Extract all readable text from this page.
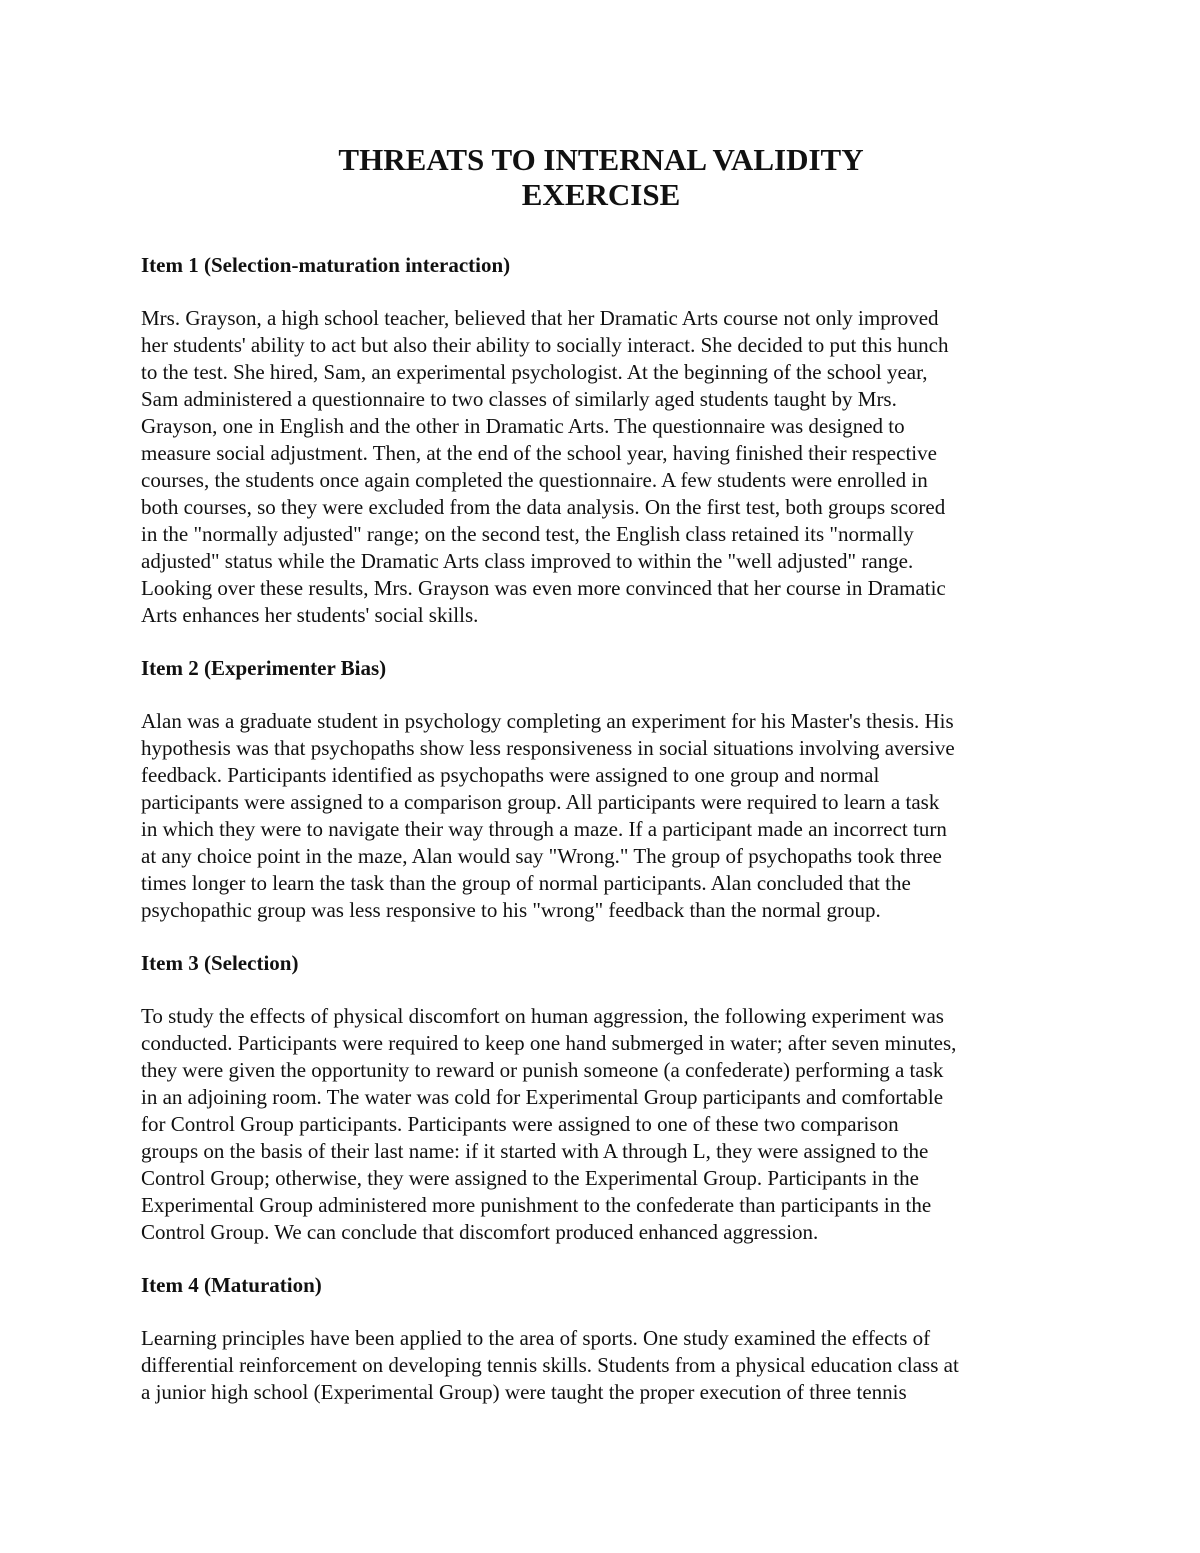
THREATS TO INTERNAL VALIDITY
EXERCISE
Item 1 (Selection-maturation interaction)
Mrs. Grayson, a high school teacher, believed that her Dramatic Arts course not only improved
her students' ability to act but also their ability to socially interact. She decided to put this hunch
to the test. She hired, Sam, an experimental psychologist. At the beginning of the school year,
Sam administered a questionnaire to two classes of similarly aged students taught by Mrs.
Grayson, one in English and the other in Dramatic Arts. The questionnaire was designed to
measure social adjustment. Then, at the end of the school year, having finished their respective
courses, the students once again completed the questionnaire. A few students were enrolled in
both courses, so they were excluded from the data analysis. On the first test, both groups scored
in the "normally adjusted" range; on the second test, the English class retained its "normally
adjusted" status while the Dramatic Arts class improved to within the "well adjusted" range.
Looking over these results, Mrs. Grayson was even more convinced that her course in Dramatic
Arts enhances her students' social skills.
Item 2 (Experimenter Bias)
Alan was a graduate student in psychology completing an experiment for his Master's thesis. His
hypothesis was that psychopaths show less responsiveness in social situations involving aversive
feedback. Participants identified as psychopaths were assigned to one group and normal
participants were assigned to a comparison group. All participants were required to learn a task
in which they were to navigate their way through a maze. If a participant made an incorrect turn
at any choice point in the maze, Alan would say "Wrong." The group of psychopaths took three
times longer to learn the task than the group of normal participants. Alan concluded that the
psychopathic group was less responsive to his "wrong" feedback than the normal group.
Item 3 (Selection)
To study the effects of physical discomfort on human aggression, the following experiment was
conducted. Participants were required to keep one hand submerged in water; after seven minutes,
they were given the opportunity to reward or punish someone (a confederate) performing a task
in an adjoining room. The water was cold for Experimental Group participants and comfortable
for Control Group participants. Participants were assigned to one of these two comparison
groups on the basis of their last name: if it started with A through L, they were assigned to the
Control Group; otherwise, they were assigned to the Experimental Group. Participants in the
Experimental Group administered more punishment to the confederate than participants in the
Control Group. We can conclude that discomfort produced enhanced aggression.
Item 4 (Maturation)
Learning principles have been applied to the area of sports. One study examined the effects of
differential reinforcement on developing tennis skills. Students from a physical education class at
a junior high school (Experimental Group) were taught the proper execution of three tennis
